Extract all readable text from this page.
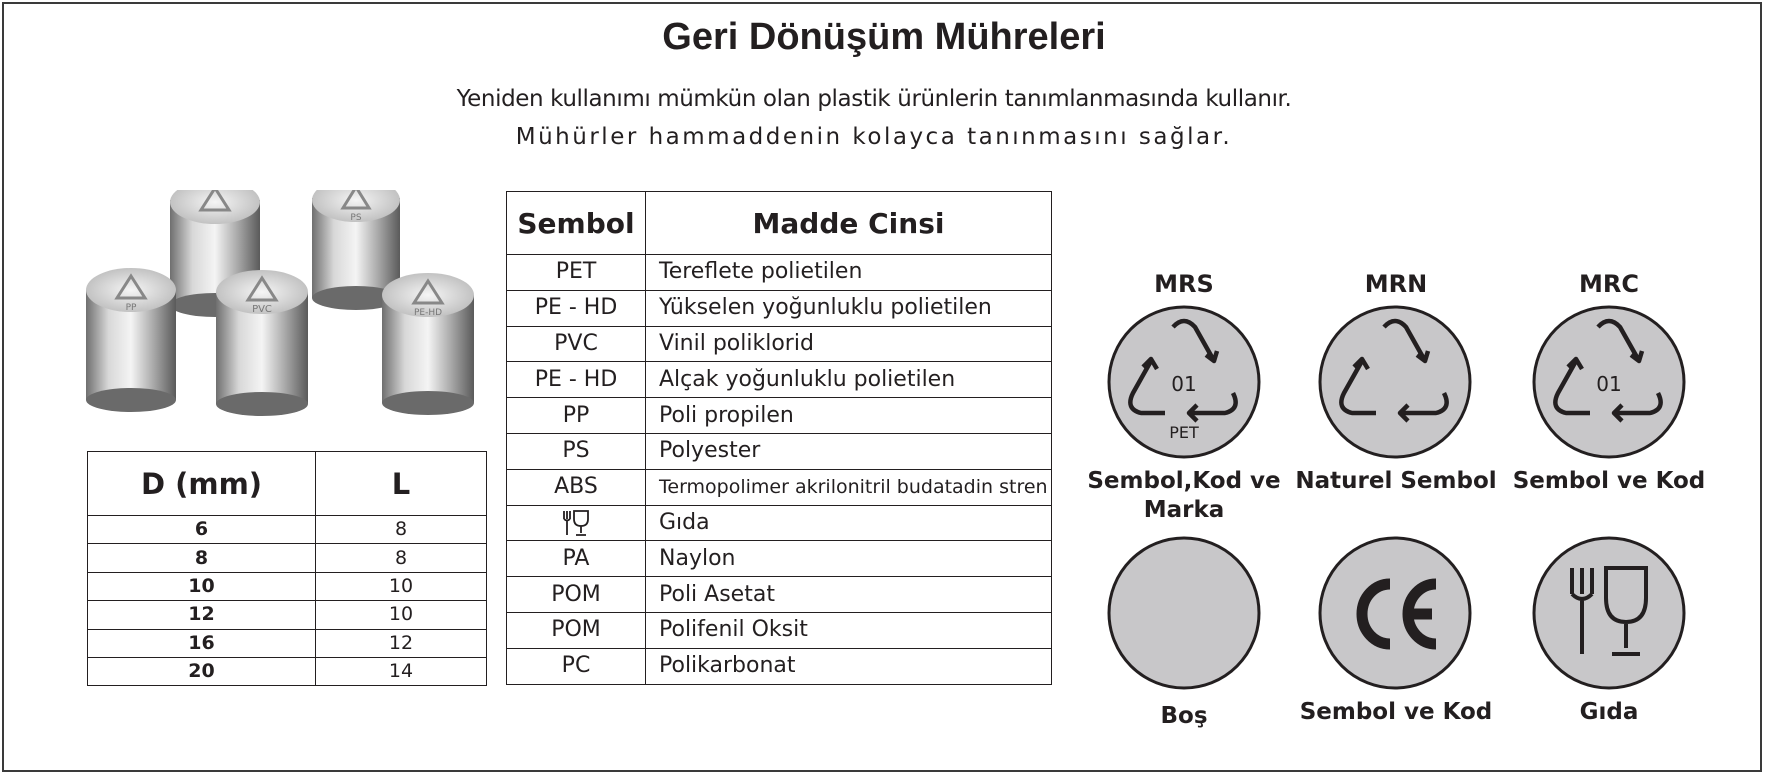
Geri Dönüşüm Mühreleri
Yeniden kullanımı mümkün olan plastik ürünlerin tanımlanmasında kullanır.
Mühürler hammaddenin kolayca tanınmasını sağlar.
PS
PP	PVC	PE-HD
D (mm)	L
6	8
8	8
10	10
12	10
16	12
20	14
Sembol	Madde Cinsi
PET	Tereflete polietilen
PE - HD	Yükselen yoğunluklu polietilen
PVC	Vinil poliklorid
PE - HD	Alçak yoğunluklu polietilen
PP	Poli propilen
PS	Polyester
ABS	Termopolimer akrilonitril budatadin stren
	Gıda
PA	Naylon
POM	Poli Asetat
POM	Polifenil Oksit
PC	Polikarbonat
MRS	MRN	MRC
01
PET
01
Sembol,Kod ve
Marka
Naturel Sembol Sembol ve Kod
Boş	Sembol ve Kod	Gıda
